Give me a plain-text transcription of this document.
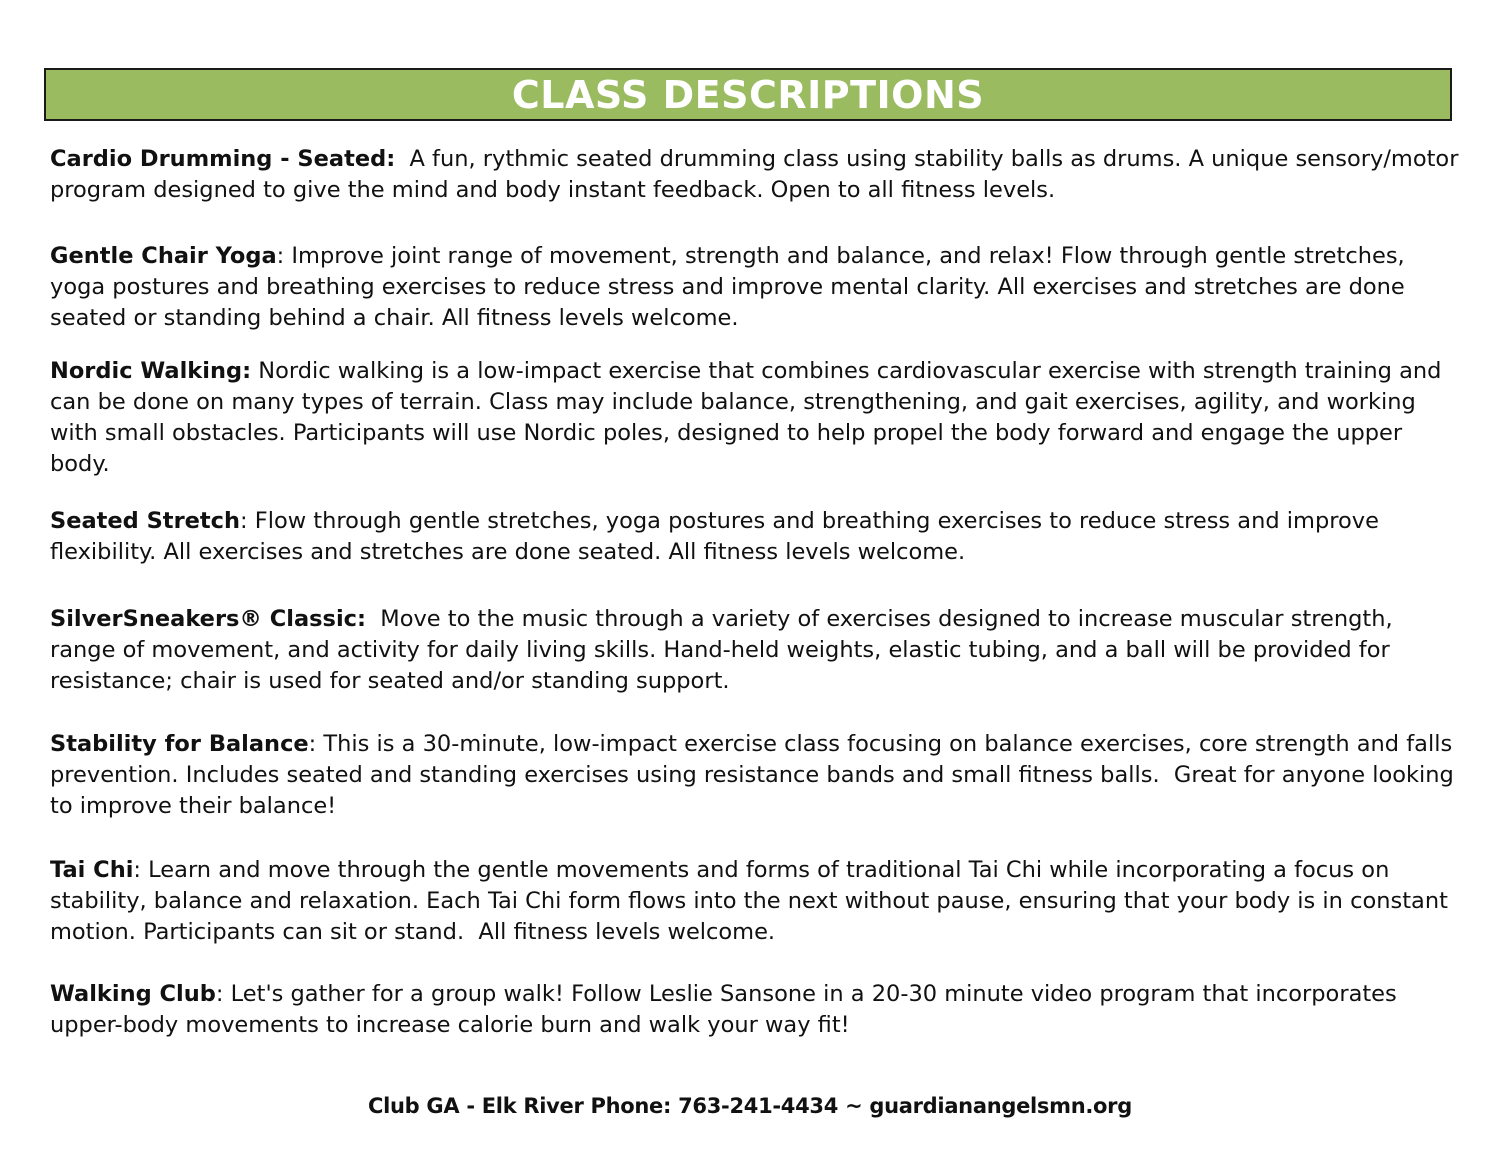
CLASS DESCRIPTIONS

Cardio Drumming - Seated:  A fun, rythmic seated drumming class using stability balls as drums. A unique sensory/motor program designed to give the mind and body instant feedback. Open to all fitness levels.

Gentle Chair Yoga: Improve joint range of movement, strength and balance, and relax! Flow through gentle stretches, yoga postures and breathing exercises to reduce stress and improve mental clarity. All exercises and stretches are done seated or standing behind a chair. All fitness levels welcome.

Nordic Walking: Nordic walking is a low-impact exercise that combines cardiovascular exercise with strength training and can be done on many types of terrain. Class may include balance, strengthening, and gait exercises, agility, and working with small obstacles. Participants will use Nordic poles, designed to help propel the body forward and engage the upper body.

Seated Stretch: Flow through gentle stretches, yoga postures and breathing exercises to reduce stress and improve flexibility. All exercises and stretches are done seated. All fitness levels welcome.

SilverSneakers® Classic:  Move to the music through a variety of exercises designed to increase muscular strength, range of movement, and activity for daily living skills. Hand-held weights, elastic tubing, and a ball will be provided for resistance; chair is used for seated and/or standing support.

Stability for Balance: This is a 30-minute, low-impact exercise class focusing on balance exercises, core strength and falls prevention. Includes seated and standing exercises using resistance bands and small fitness balls.  Great for anyone looking to improve their balance!

Tai Chi: Learn and move through the gentle movements and forms of traditional Tai Chi while incorporating a focus on stability, balance and relaxation. Each Tai Chi form flows into the next without pause, ensuring that your body is in constant motion. Participants can sit or stand.  All fitness levels welcome.

Walking Club: Let's gather for a group walk! Follow Leslie Sansone in a 20-30 minute video program that incorporates upper-body movements to increase calorie burn and walk your way fit!

Club GA - Elk River Phone: 763-241-4434 ~ guardianangelsmn.org
